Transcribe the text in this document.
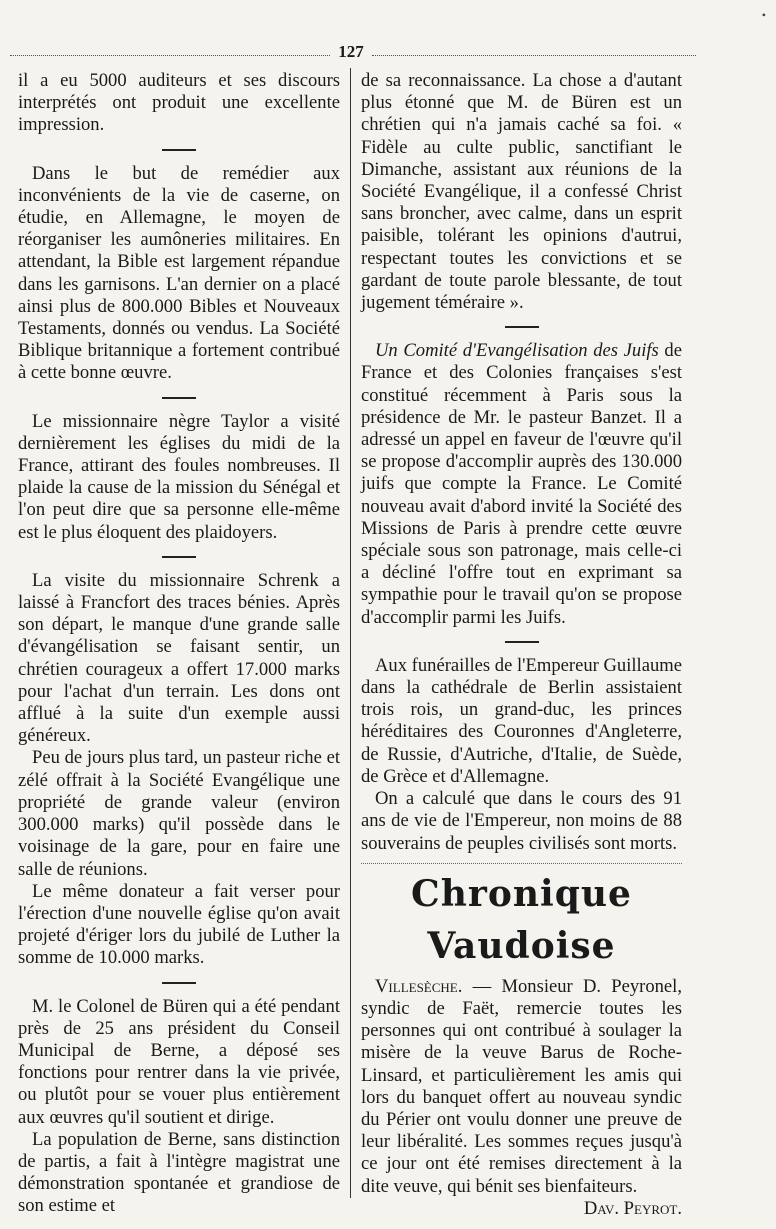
•
127

il a eu 5000 auditeurs et ses discours interprétés ont produit une excellente impression.

Dans le but de remédier aux inconvénients de la vie de caserne, on étudie, en Allemagne, le moyen de réorganiser les aumôneries militaires. En attendant, la Bible est largement répandue dans les garnisons. L'an dernier on a placé ainsi plus de 800.000 Bibles et Nouveaux Testaments, donnés ou vendus. La Société Biblique britannique a fortement contribué à cette bonne œuvre.

Le missionnaire nègre Taylor a visité dernièrement les églises du midi de la France, attirant des foules nombreuses. Il plaide la cause de la mission du Sénégal et l'on peut dire que sa personne elle-même est le plus éloquent des plaidoyers.

La visite du missionnaire Schrenk a laissé à Francfort des traces bénies. Après son départ, le manque d'une grande salle d'évangélisation se faisant sentir, un chrétien courageux a offert 17.000 marks pour l'achat d'un terrain. Les dons ont afflué à la suite d'un exemple aussi généreux.

Peu de jours plus tard, un pasteur riche et zélé offrait à la Société Evangélique une propriété de grande valeur (environ 300.000 marks) qu'il possède dans le voisinage de la gare, pour en faire une salle de réunions.

Le même donateur a fait verser pour l'érection d'une nouvelle église qu'on avait projeté d'ériger lors du jubilé de Luther la somme de 10.000 marks.

M. le Colonel de Büren qui a été pendant près de 25 ans président du Conseil Municipal de Berne, a déposé ses fonctions pour rentrer dans la vie privée, ou plutôt pour se vouer plus entièrement aux œuvres qu'il soutient et dirige.

La population de Berne, sans distinction de partis, a fait à l'intègre magistrat une démonstration spontanée et grandiose de son estime et

de sa reconnaissance. La chose a d'autant plus étonné que M. de Büren est un chrétien qui n'a jamais caché sa foi. « Fidèle au culte public, sanctifiant le Dimanche, assistant aux réunions de la Société Evangélique, il a confessé Christ sans broncher, avec calme, dans un esprit paisible, tolérant les opinions d'autrui, respectant toutes les convictions et se gardant de toute parole blessante, de tout jugement téméraire ».

Un Comité d'Evangélisation des Juifs de France et des Colonies françaises s'est constitué récemment à Paris sous la présidence de Mr. le pasteur Banzet. Il a adressé un appel en faveur de l'œuvre qu'il se propose d'accomplir auprès des 130.000 juifs que compte la France. Le Comité nouveau avait d'abord invité la Société des Missions de Paris à prendre cette œuvre spéciale sous son patronage, mais celle-ci a décliné l'offre tout en exprimant sa sympathie pour le travail qu'on se propose d'accomplir parmi les Juifs.

Aux funérailles de l'Empereur Guillaume dans la cathédrale de Berlin assistaient trois rois, un grand-duc, les princes héréditaires des Couronnes d'Angleterre, de Russie, d'Autriche, d'Italie, de Suède, de Grèce et d'Allemagne.

On a calculé que dans le cours des 91 ans de vie de l'Empereur, non moins de 88 souverains de peuples civilisés sont morts.

Chronique Vaudoise

Villesèche. — Monsieur D. Peyronel, syndic de Faët, remercie toutes les personnes qui ont contribué à soulager la misère de la veuve Barus de Roche-Linsard, et particulièrement les amis qui lors du banquet offert au nouveau syndic du Périer ont voulu donner une preuve de leur libéralité. Les sommes reçues jusqu'à ce jour ont été remises directement à la dite veuve, qui bénit ses bienfaiteurs.
Dav. Peyrot.
